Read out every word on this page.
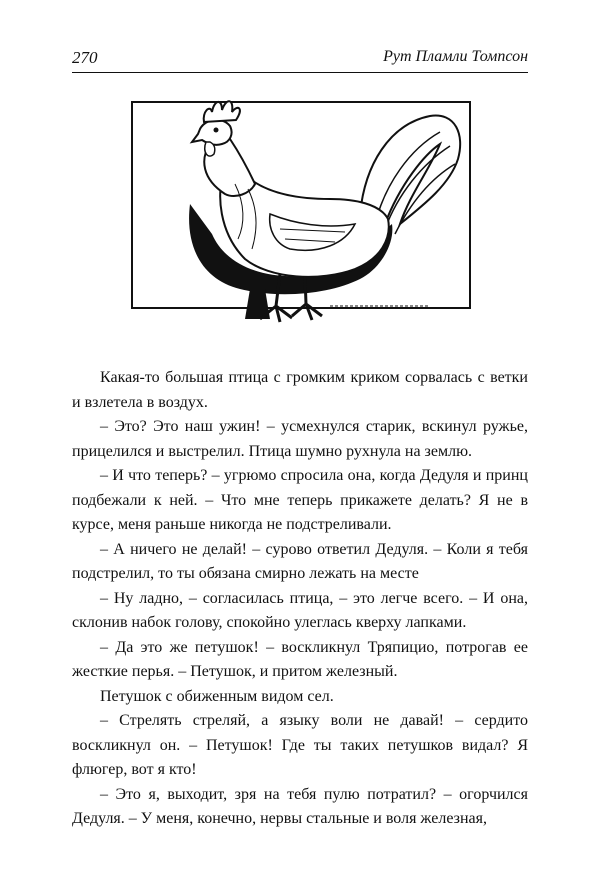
270	Рут Пламли Томпсон

Какая-то большая птица с громким криком сорвалась с ветки и взлетела в воздух.

– Это? Это наш ужин! – усмехнулся старик, вскинул ружье, прицелился и выстрелил. Птица шумно рухнула на землю.

– И что теперь? – угрюмо спросила она, когда Дедуля и принц подбежали к ней. – Что мне теперь прикажете делать? Я не в курсе, меня раньше никогда не подстреливали.

– А ничего не делай! – сурово ответил Дедуля. – Коли я тебя подстрелил, то ты обязана смирно лежать на месте

– Ну ладно, – согласилась птица, – это легче всего. – И она, склонив набок голову, спокойно улеглась кверху лапками.

– Да это же петушок! – воскликнул Тряпицио, потрогав ее жесткие перья. – Петушок, и притом железный.

Петушок с обиженным видом сел.

– Стрелять стреляй, а языку воли не давай! – сердито воскликнул он. – Петушок! Где ты таких петушков видал? Я флюгер, вот я кто!

– Это я, выходит, зря на тебя пулю потратил? – огорчился Дедуля. – У меня, конечно, нервы стальные и воля железная,
